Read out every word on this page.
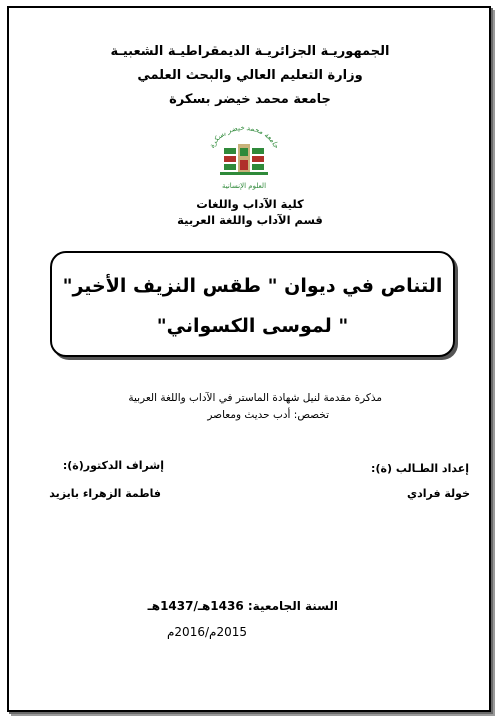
الجمهوريـة الجزائريـة الديمقراطيـة الشعبيـة
وزارة التعليم العالي والبحث العلمي
جامعة محمد خيضر بسكرة
جامعة محمد خيضر بسكرة
العلوم الإنسانية
كلية الآداب واللغات
قسم الآداب واللغة العربية
التناص في ديوان " طقس النزيف الأخير"
" لموسى الكسواني"
مذكرة مقدمة لنيل شهادة الماستر في الآداب واللغة العربية
تخصص: أدب حديث ومعاصر
إعداد الطـالب (ة):
خولة فرادي
إشراف الدكتور(ة):
فاطمة الزهراء بايزيد
السنة الجامعية: 1436هـ/1437هـ
2015م/2016م
